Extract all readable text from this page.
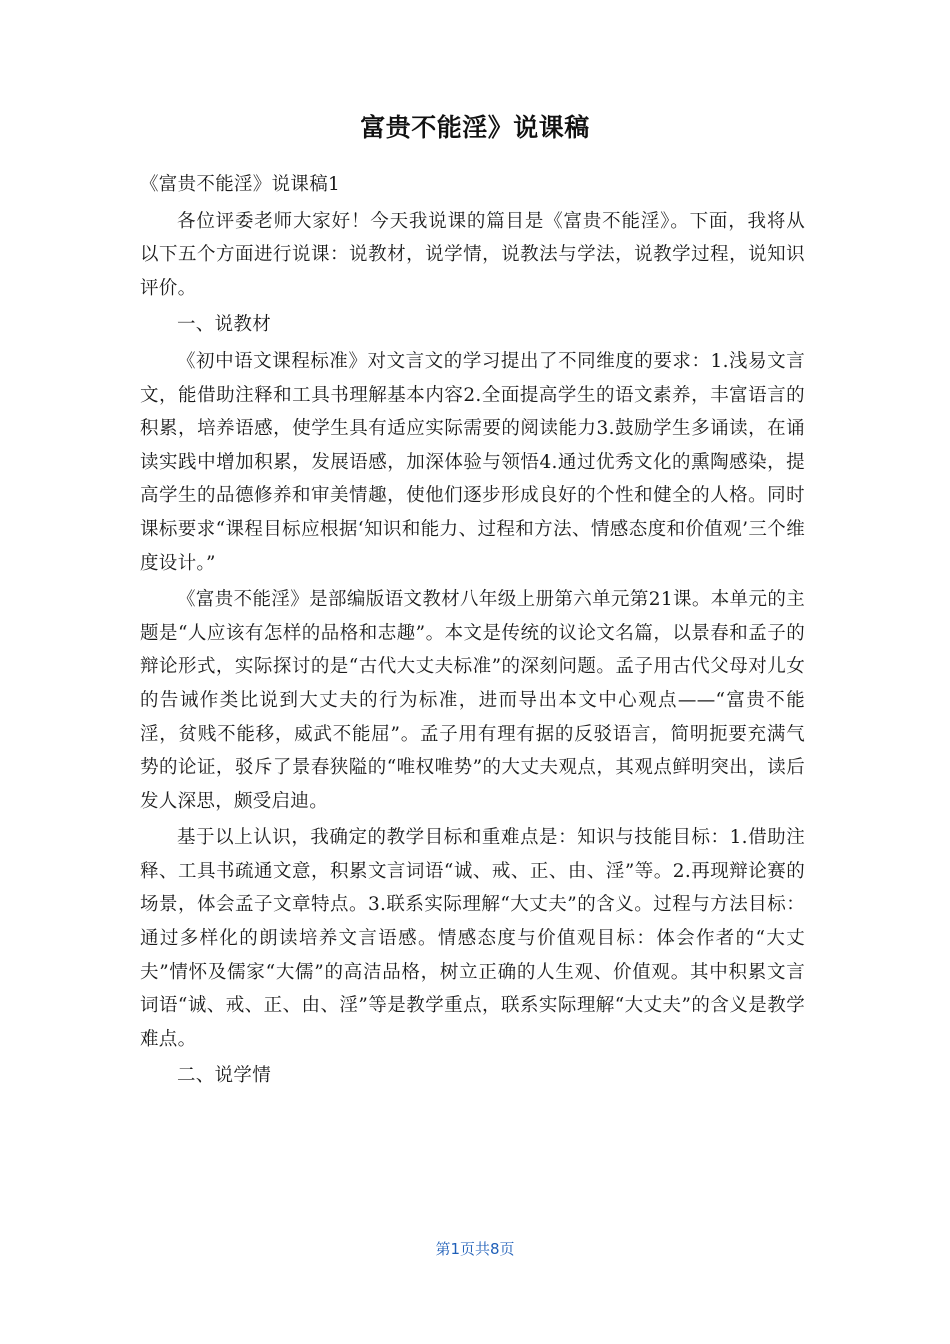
富贵不能淫》说课稿

《富贵不能淫》说课稿1

各位评委老师大家好！今天我说课的篇目是《富贵不能淫》。下面，我将从以下五个方面进行说课：说教材，说学情，说教法与学法，说教学过程，说知识评价。

一、说教材

《初中语文课程标准》对文言文的学习提出了不同维度的要求：1.浅易文言文，能借助注释和工具书理解基本内容2.全面提高学生的语文素养，丰富语言的积累，培养语感，使学生具有适应实际需要的阅读能力3.鼓励学生多诵读，在诵读实践中增加积累，发展语感，加深体验与领悟4.通过优秀文化的熏陶感染，提高学生的品德修养和审美情趣，使他们逐步形成良好的个性和健全的人格。同时课标要求“课程目标应根据‘知识和能力、过程和方法、情感态度和价值观’三个维度设计。”

《富贵不能淫》是部编版语文教材八年级上册第六单元第21课。本单元的主题是“人应该有怎样的品格和志趣”。本文是传统的议论文名篇，以景春和孟子的辩论形式，实际探讨的是“古代大丈夫标准”的深刻问题。孟子用古代父母对儿女的告诫作类比说到大丈夫的行为标准，进而导出本文中心观点——“富贵不能淫，贫贱不能移，威武不能屈”。孟子用有理有据的反驳语言，简明扼要充满气势的论证，驳斥了景春狭隘的“唯权唯势”的大丈夫观点，其观点鲜明突出，读后发人深思，颇受启迪。

基于以上认识，我确定的教学目标和重难点是：知识与技能目标：1.借助注释、工具书疏通文意，积累文言词语“诚、戒、正、由、淫”等。2.再现辩论赛的场景，体会孟子文章特点。3.联系实际理解“大丈夫”的含义。过程与方法目标：通过多样化的朗读培养文言语感。情感态度与价值观目标：体会作者的“大丈夫”情怀及儒家“大儒”的高洁品格，树立正确的人生观、价值观。其中积累文言词语“诚、戒、正、由、淫”等是教学重点，联系实际理解“大丈夫”的含义是教学难点。

二、说学情

第1页共8页
